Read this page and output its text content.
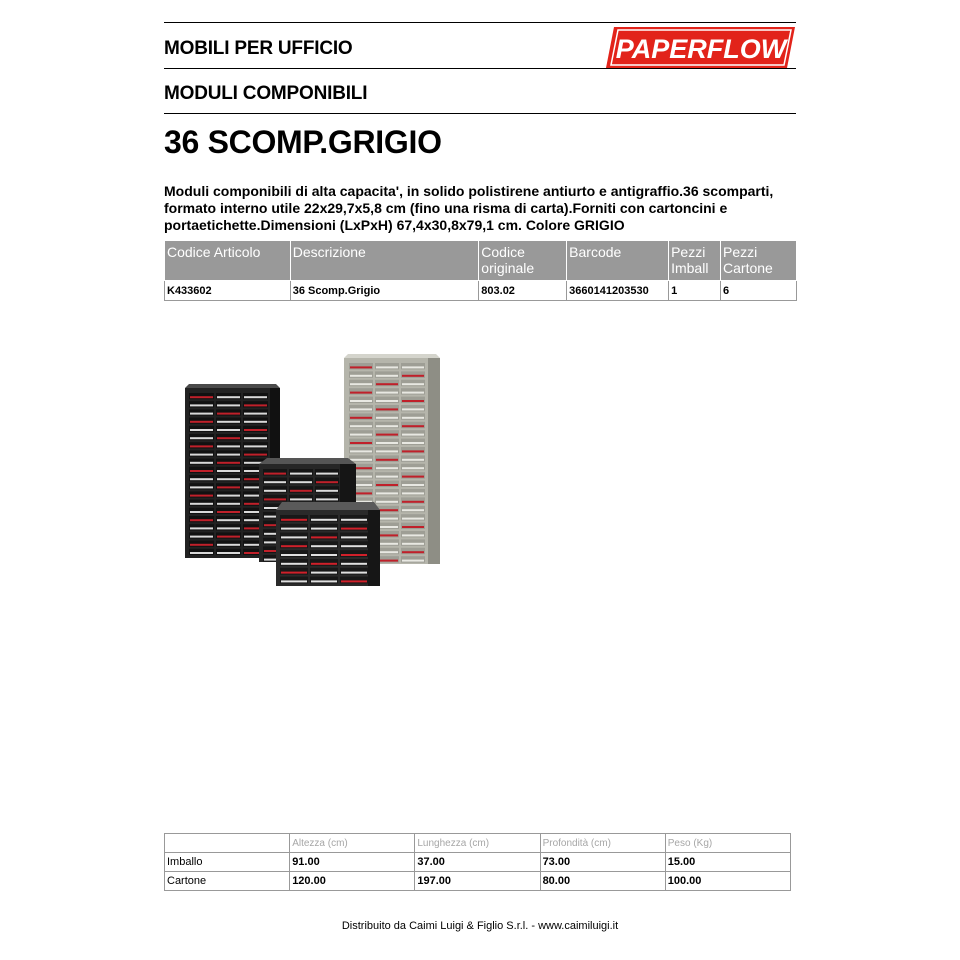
MOBILI PER UFFICIO	PAPERFLOW
MODULI COMPONIBILI
36 SCOMP.GRIGIO
Moduli componibili di alta capacita', in solido polistirene antiurto e antigraffio.36 scomparti, formato interno utile 22x29,7x5,8 cm (fino una risma di carta).Forniti con cartoncini e portaetichette.Dimensioni (LxPxH) 67,4x30,8x79,1 cm. Colore GRIGIO
Codice Articolo	Descrizione	Codice originale	Barcode	Pezzi Imball	Pezzi Cartone
K433602	36 Scomp.Grigio	803.02	3660141203530	1	6
	Altezza (cm)	Lunghezza (cm)	Profondità (cm)	Peso (Kg)
Imballo	91.00	37.00	73.00	15.00
Cartone	120.00	197.00	80.00	100.00
Distribuito da Caimi Luigi & Figlio S.r.l. - www.caimiluigi.it
